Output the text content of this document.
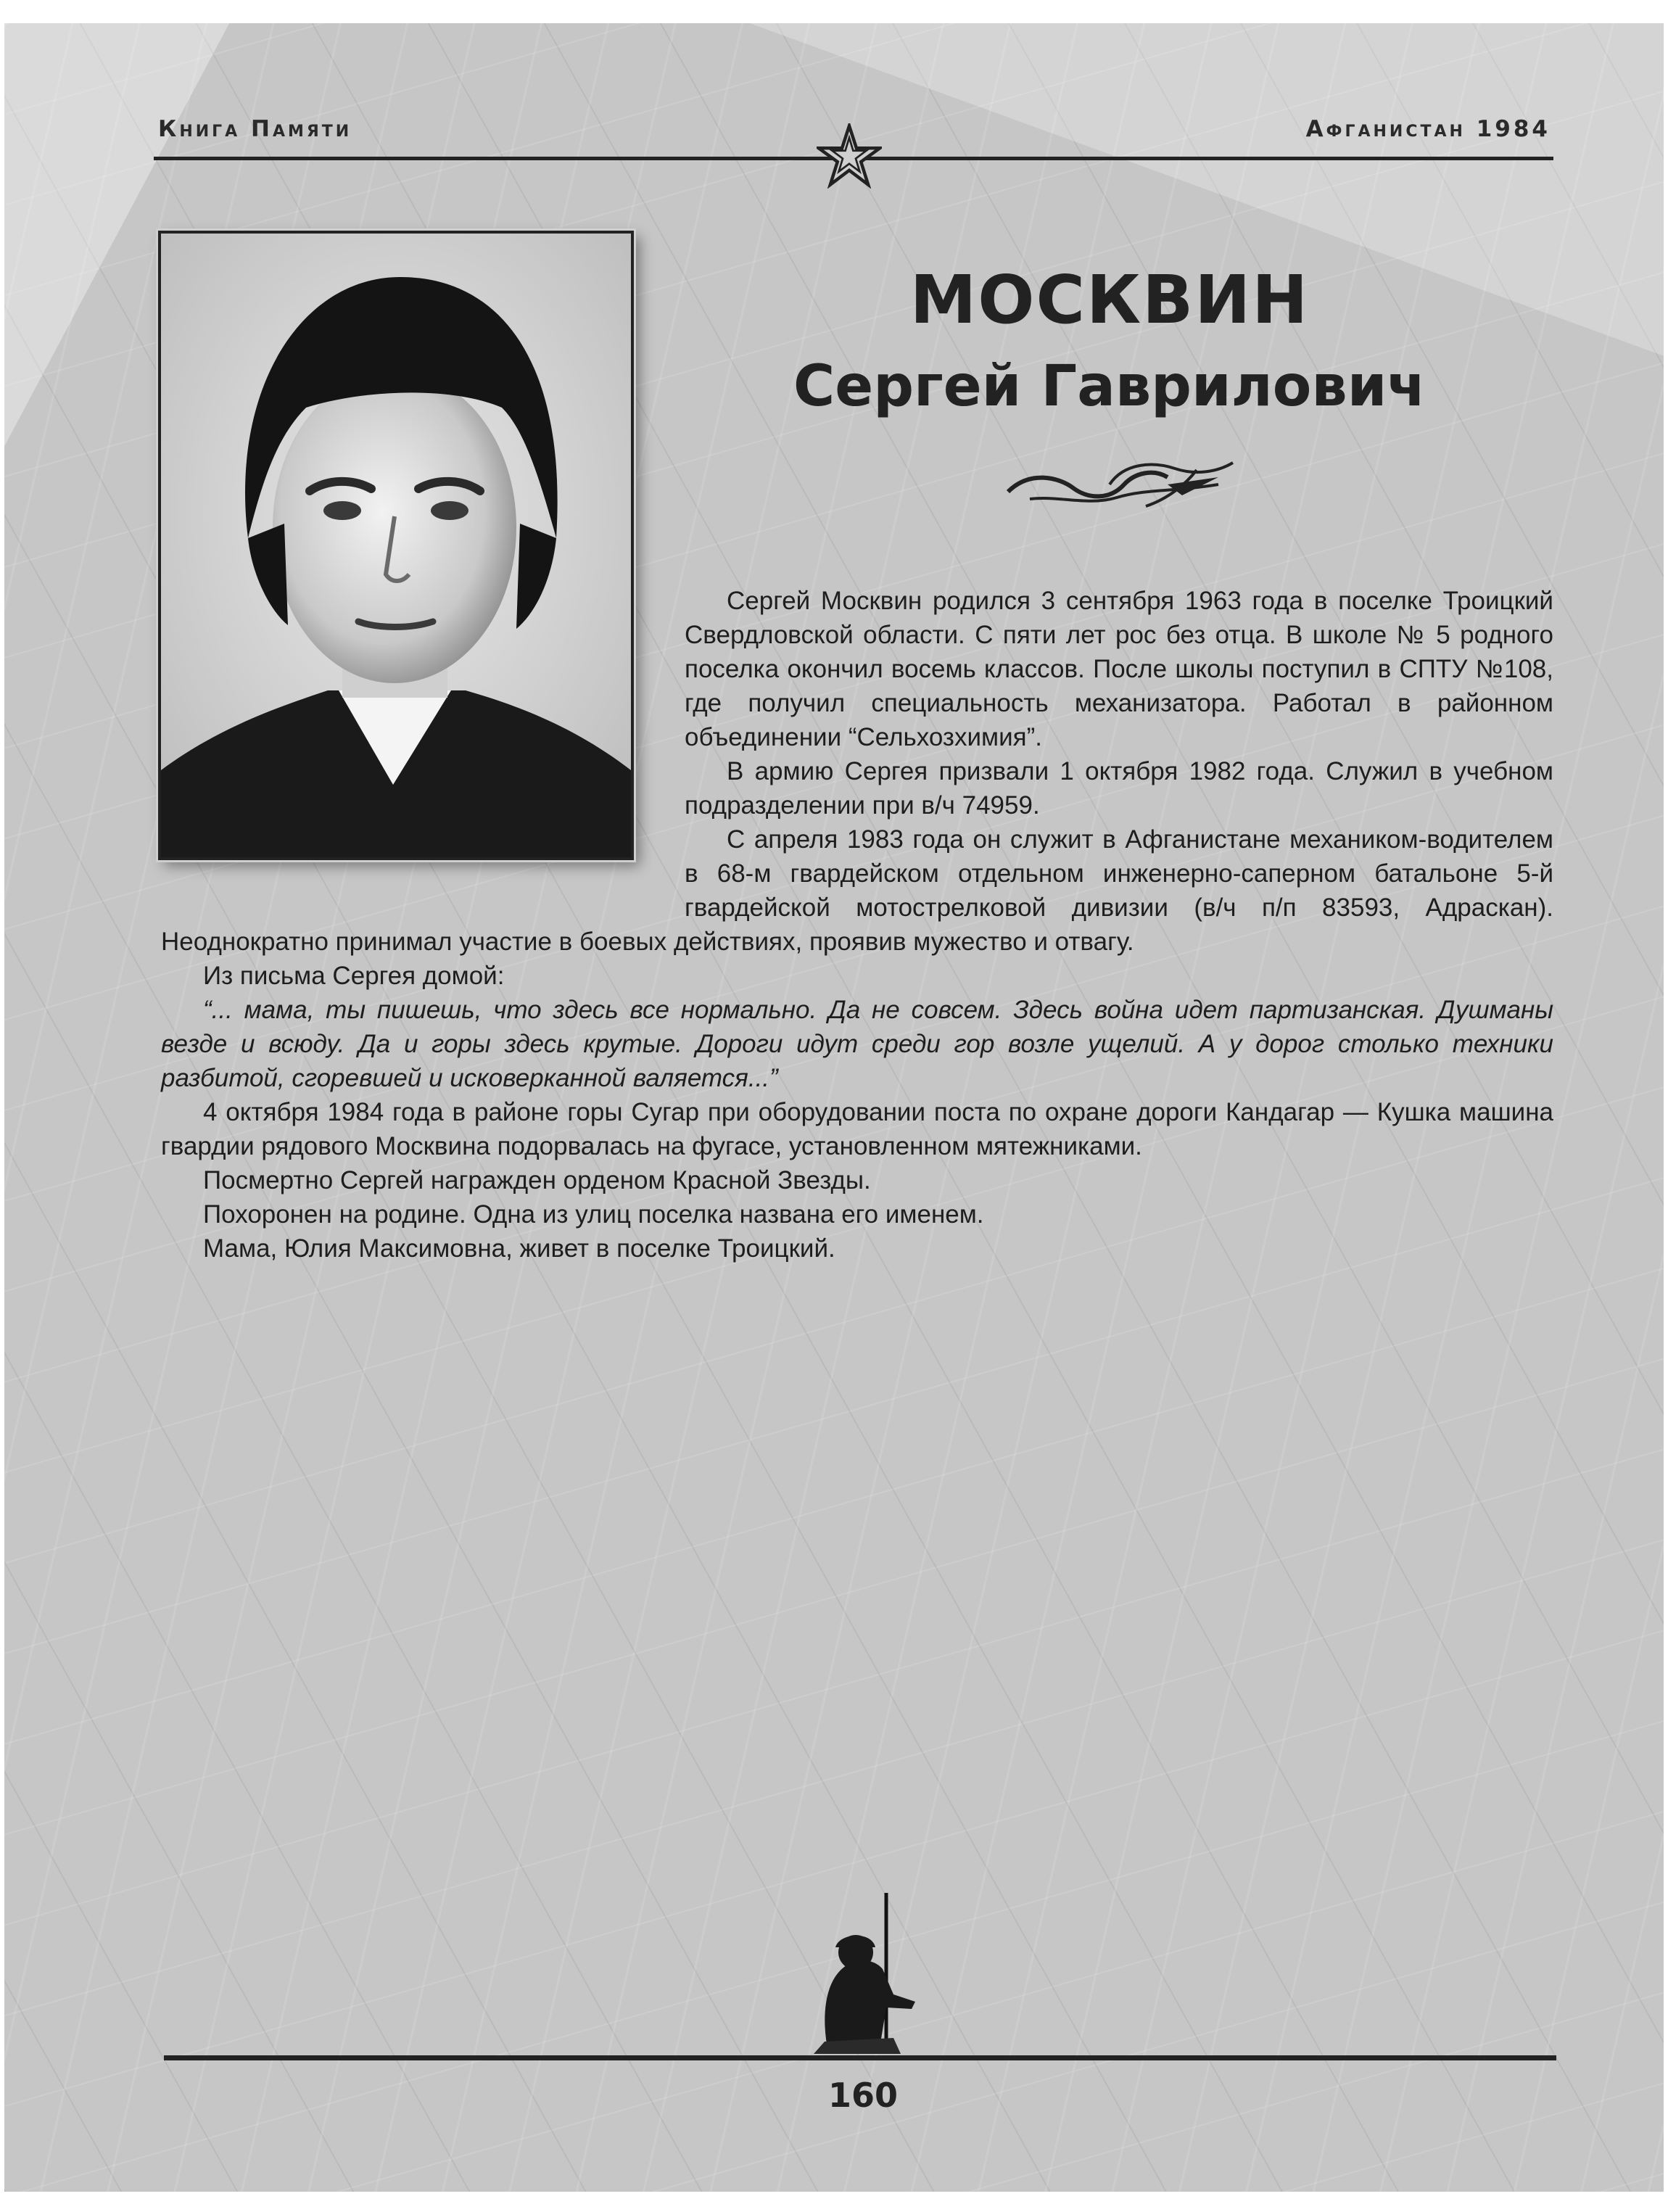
Книга Памяти	Афганистан 1984
МОСКВИН
Сергей Гаврилович

Сергей Москвин родился 3 сентября 1963 года в поселке Троицкий Свердловской области. С пяти лет рос без отца. В школе № 5 родного поселка окончил восемь классов. После школы поступил в СПТУ №108, где получил специальность механизатора. Работал в районном объединении “Сельхозхимия”.

В армию Сергея призвали 1 октября 1982 года. Служил в учебном подразделении при в/ч 74959.

С апреля 1983 года он служит в Афганистане механиком-водителем в 68-м гвардейском отдельном инженерно-саперном батальоне 5-й гвардейской мотострелковой дивизии (в/ч п/п 83593, Адраскан). Неоднократно принимал участие в боевых действиях, проявив мужество и отвагу.

Из письма Сергея домой:

“... мама, ты пишешь, что здесь все нормально. Да не совсем. Здесь война идет партизанская. Душманы везде и всюду. Да и горы здесь крутые. Дороги идут среди гор возле ущелий. А у дорог столько техники разбитой, сгоревшей и исковерканной валяется...”

4 октября 1984 года в районе горы Сугар при оборудовании поста по охране дороги Кандагар — Кушка машина гвардии рядового Москвина подорвалась на фугасе, установленном мятежниками.

Посмертно Сергей награжден орденом Красной Звезды.

Похоронен на родине. Одна из улиц поселка названа его именем.

Мама, Юлия Максимовна, живет в поселке Троицкий.

160
